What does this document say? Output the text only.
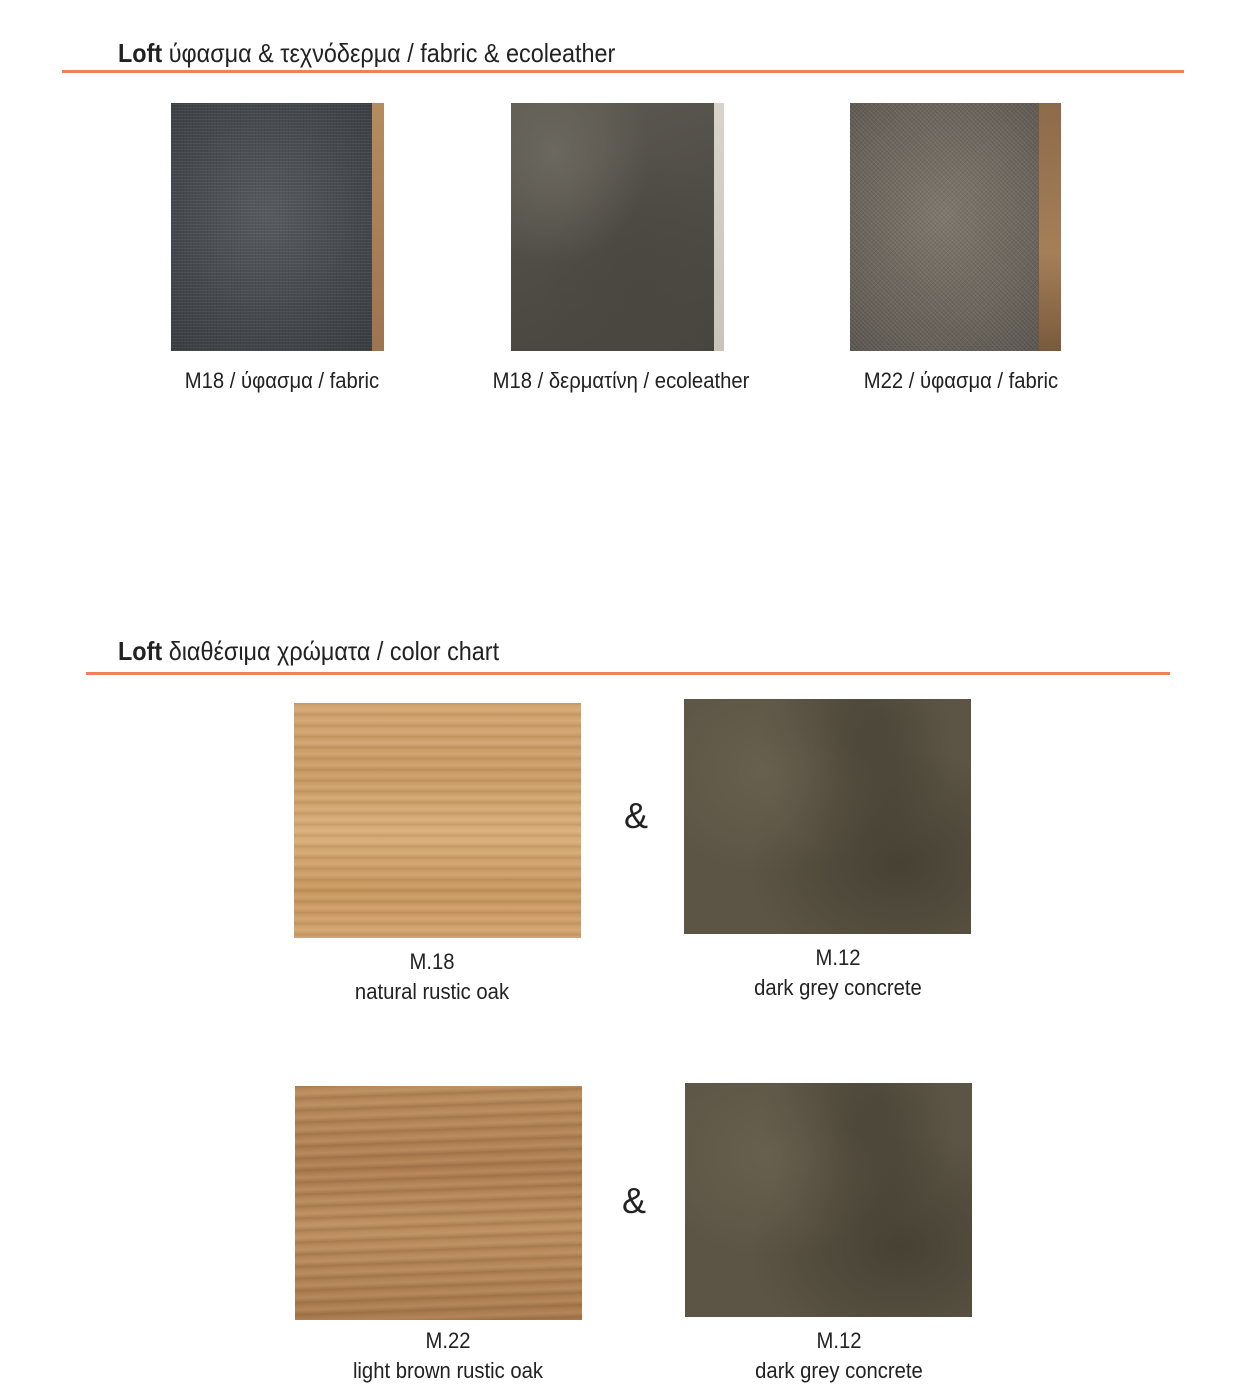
Loft ύφασμα & τεχνόδερμα / fabric & ecoleather
M18 / ύφασμα / fabric	M18 / δερματίνη / ecoleather	M22 / ύφασμα / fabric
Loft διαθέσιμα χρώματα / color chart
&
M.18
natural rustic oak
M.12
dark grey concrete
&
M.22
light brown rustic oak
M.12
dark grey concrete
